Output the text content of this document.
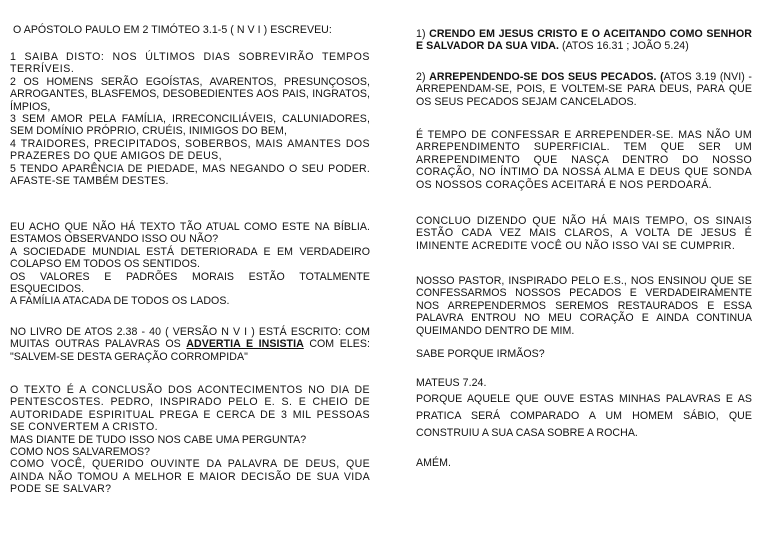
O APÓSTOLO PAULO EM 2 TIMÓTEO 3.1-5 ( N V I ) ESCREVEU:

1 SAIBA DISTO: NOS ÚLTIMOS DIAS SOBREVIRÃO TEMPOS TERRÍVEIS.

2 OS HOMENS SERÃO EGOÍSTAS, AVARENTOS, PRESUNÇOSOS, ARROGANTES, BLASFEMOS, DESOBEDIENTES AOS PAIS, INGRATOS, ÍMPIOS,

3 SEM AMOR PELA FAMÍLIA, IRRECONCILIÁVEIS, CALUNIADORES, SEM DOMÍNIO PRÓPRIO, CRUÉIS, INIMIGOS DO BEM,

4 TRAIDORES, PRECIPITADOS, SOBERBOS, MAIS AMANTES DOS PRAZERES DO QUE AMIGOS DE DEUS,

5 TENDO APARÊNCIA DE PIEDADE, MAS NEGANDO O SEU PODER. AFASTE-SE TAMBÉM DESTES.

EU ACHO QUE NÃO HÁ TEXTO TÃO ATUAL COMO ESTE NA BÍBLIA. ESTAMOS OBSERVANDO ISSO OU NÃO?

A SOCIEDADE MUNDIAL ESTÁ DETERIORADA E EM VERDADEIRO COLAPSO EM TODOS OS SENTIDOS.

OS VALORES E PADRÕES MORAIS ESTÃO TOTALMENTE ESQUECIDOS.

A FAMÍLIA ATACADA DE TODOS OS LADOS.

NO LIVRO DE ATOS 2.38 - 40 ( VERSÃO N V I ) ESTÁ ESCRITO: COM MUITAS OUTRAS PALAVRAS OS ADVERTIA E INSISTIA COM ELES: "SALVEM-SE DESTA GERAÇÃO CORROMPIDA"

O TEXTO É A CONCLUSÃO DOS ACONTECIMENTOS NO DIA DE PENTESCOSTES. PEDRO, INSPIRADO PELO E. S. E CHEIO DE AUTORIDADE ESPIRITUAL PREGA E CERCA DE 3 MIL PESSOAS SE CONVERTEM A CRISTO.

MAS DIANTE DE TUDO ISSO NOS CABE UMA PERGUNTA?

COMO NOS SALVAREMOS?

COMO VOCÊ, QUERIDO OUVINTE DA PALAVRA DE DEUS, QUE AINDA NÃO TOMOU A MELHOR E MAIOR DECISÃO DE SUA VIDA PODE SE SALVAR?

1) CRENDO EM JESUS CRISTO E O ACEITANDO COMO SENHOR E SALVADOR DA SUA VIDA. (ATOS 16.31 ; JOÃO 5.24)

2) ARREPENDENDO-SE DOS SEUS PECADOS. (ATOS 3.19 (NVI) - ARREPENDAM-SE, POIS, E VOLTEM-SE PARA DEUS, PARA QUE OS SEUS PECADOS SEJAM CANCELADOS.

É TEMPO DE CONFESSAR E ARREPENDER-SE. MAS NÃO UM ARREPENDIMENTO SUPERFICIAL. TEM QUE SER UM ARREPENDIMENTO QUE NASÇA DENTRO DO NOSSO CORAÇÃO, NO ÍNTIMO DA NOSSA ALMA E DEUS QUE SONDA OS NOSSOS CORAÇÕES ACEITARÁ E NOS PERDOARÁ.

CONCLUO DIZENDO QUE NÃO HÁ MAIS TEMPO, OS SINAIS ESTÃO CADA VEZ MAIS CLAROS, A VOLTA DE JESUS É IMINENTE ACREDITE VOCÊ OU NÃO ISSO VAI SE CUMPRIR.

NOSSO PASTOR, INSPIRADO PELO E.S., NOS ENSINOU QUE SE CONFESSARMOS NOSSOS PECADOS E VERDADEIRAMENTE NOS ARREPENDERMOS SEREMOS RESTAURADOS E ESSA PALAVRA ENTROU NO MEU CORAÇÃO E AINDA CONTINUA QUEIMANDO DENTRO DE MIM.

SABE PORQUE IRMÃOS?

MATEUS 7.24.

PORQUE AQUELE QUE OUVE ESTAS MINHAS PALAVRAS E AS PRATICA SERÁ COMPARADO A UM HOMEM SÁBIO, QUE CONSTRUIU A SUA CASA SOBRE A ROCHA.

AMÉM.
